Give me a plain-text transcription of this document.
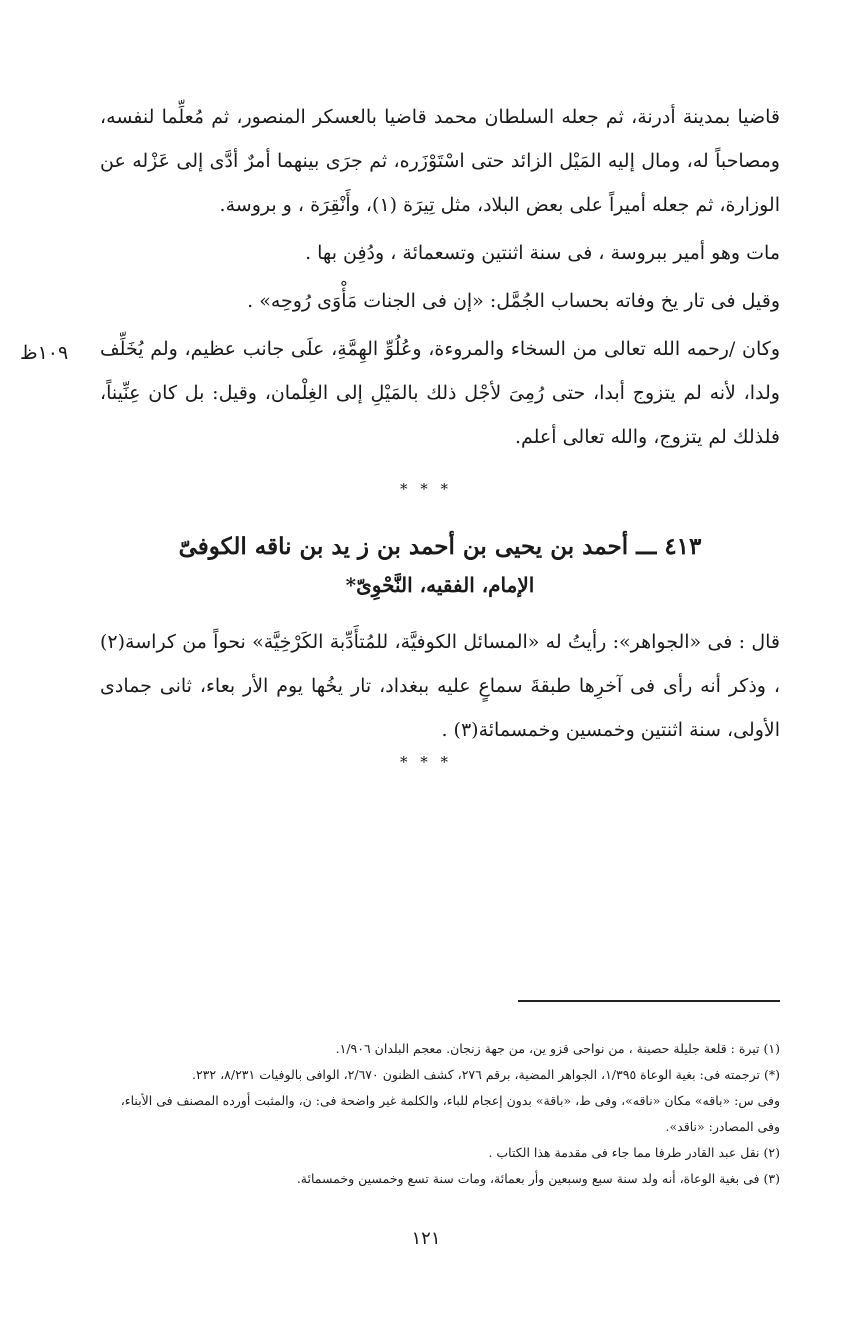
قاضيا بمدينة أدرنة، ثم جعله السلطان محمد قاضيا بالعسكر المنصور، ثم مُعلِّما لنفسه، ومصاحباً له، ومال إليه المَيْل الزائد حتى اسْتَوْزَره، ثم جرَى بينهما أمرٌ أدَّى إلى عَزْله عن الوزارة، ثم جعله أميراً على بعض البلاد، مثل تِيرَة (١)، وأَنْقِرَة ، و بروسة.

مات وهو أمير ببروسة ، فى سنة اثنتين وتسعمائة ، ودُفِن بها .

وقيل فى تار يخ وفاته بحساب الجُمَّل: «إن فى الجنات مَأْوَى رُوحِه» .

وكان /رحمه الله تعالى من السخاء والمروءة، وعُلُوِّ الهِمَّةِ، علَى جانب عظيم، ولم يُخَلِّف ولدا، لأنه لم يتزوج أبدا، حتى رُمِىَ لأجْل ذلك بالمَيْلِ إلى الغِلْمان، وقيل: بل كان عِنِّيناً، فلذلك لم يتزوج، والله تعالى أعلم.

١٠٩ظ
* * *
٤١٣ ـــ أحمد بن يحيى بن أحمد بن ز يد بن ناقه الكوفىّ
الإمام، الفقيه، النَّحْوِىّ*

قال : فى «الجواهر»: رأيتُ له «المسائل الكوفيَّة، للمُتأَدِّبة الكَرْخِيَّة» نحواً من كراسة(٢) ، وذكر أنه رأى فى آخرِها طبقةَ سماعٍ عليه ببغداد، تار يخُها يوم الأر بعاء، ثانى جمادى الأولى، سنة اثنتين وخمسين وخمسمائة(٣) .

* * *

(١) تيرة : قلعة جليلة حصينة ، من نواحى قزو ين، من جهة زنجان. معجم البلدان ١/٩٠٦.

(*) ترجمته فى: بغية الوعاة ١/٣٩٥، الجواهر المضية، برقم ٢٧٦، كشف الظنون ٢/٦٧٠، الوافى بالوفيات ٨/٢٣١، ٢٣٢.

وفى س: «باقه» مكان «ناقه»، وفى ط، «باقة» بدون إعجام للباء، والكلمة غير واضحة فى: ن، والمثبت أورده المصنف فى الأبناء، وفى المصادر: «ناقد».

(٢) نقل عبد القادر طرفا مما جاء فى مقدمة هذا الكتاب .

(٣) فى بغية الوعاة، أنه ولد سنة سبع وسبعين وأر بعمائة، ومات سنة تسع وخمسين وخمسمائة.

١٢١
